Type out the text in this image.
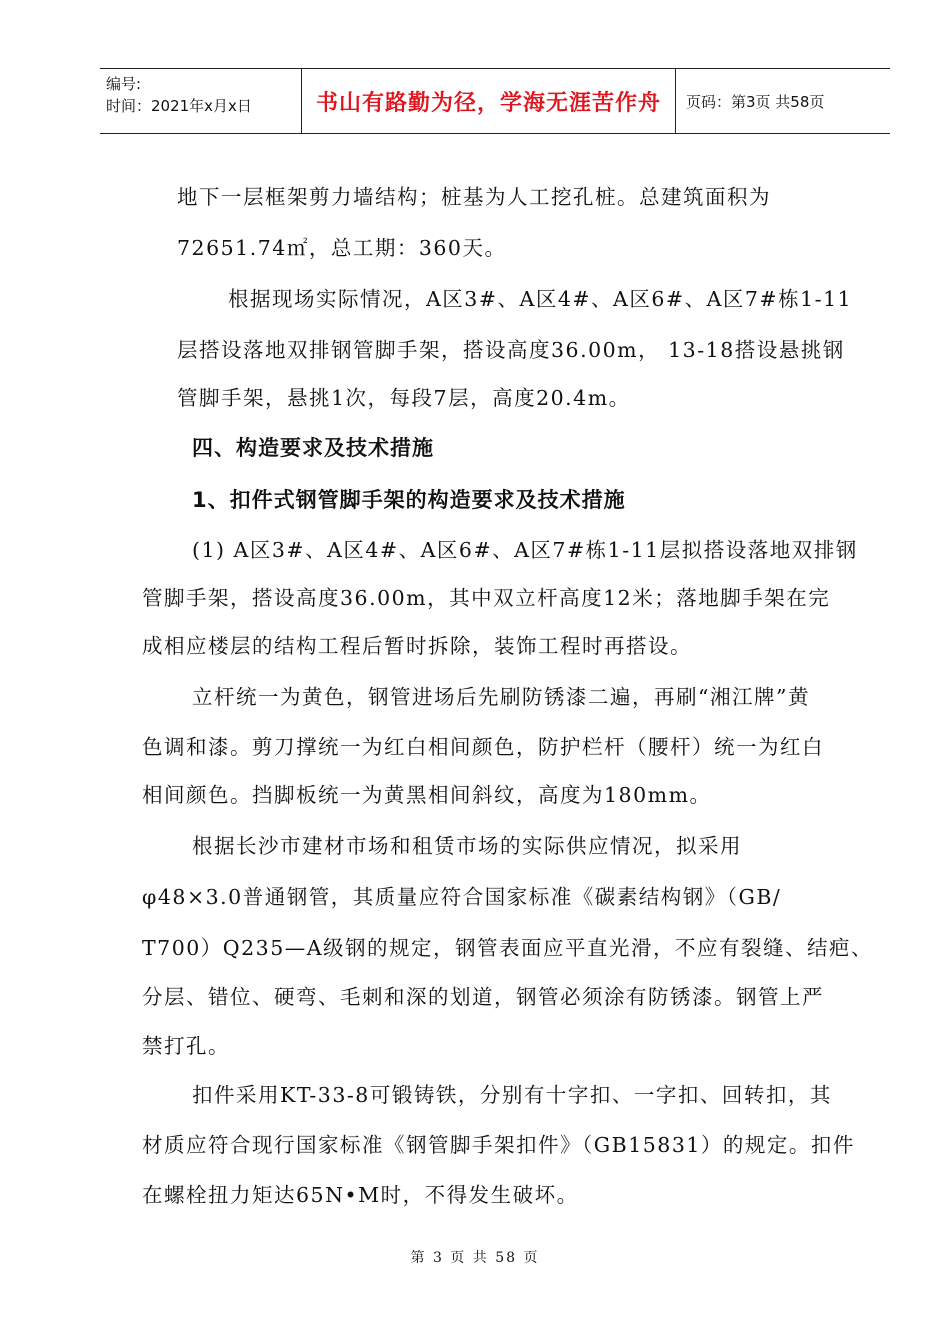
编号:
时间：2021年x月x日	书山有路勤为径，学海无涯苦作舟 页码：第3页 共58页
地下一层框架剪力墙结构；桩基为人工挖孔桩。总建筑面积为
72651.74㎡，总工期：360天。
根据现场实际情况，A区3#、A区4#、A区6#、A区7#栋1-11
层搭设落地双排钢管脚手架，搭设高度36.00m， 13-18搭设悬挑钢
管脚手架，悬挑1次，每段7层，高度20.4m。
四、构造要求及技术措施
1、扣件式钢管脚手架的构造要求及技术措施
(1) A区3#、A区4#、A区6#、A区7#栋1-11层拟搭设落地双排钢
管脚手架，搭设高度36.00m，其中双立杆高度12米；落地脚手架在完
成相应楼层的结构工程后暂时拆除，装饰工程时再搭设。
立杆统一为黄色，钢管进场后先刷防锈漆二遍，再刷“湘江牌”黄
色调和漆。剪刀撑统一为红白相间颜色，防护栏杆（腰杆）统一为红白
相间颜色。挡脚板统一为黄黑相间斜纹，高度为180mm。
根据长沙市建材市场和租赁市场的实际供应情况，拟采用
φ48×3.0普通钢管，其质量应符合国家标准《碳素结构钢》（GB/
T700）Q235—A级钢的规定，钢管表面应平直光滑，不应有裂缝、结疤、
分层、错位、硬弯、毛刺和深的划道，钢管必须涂有防锈漆。钢管上严
禁打孔。
扣件采用KT-33-8可锻铸铁，分别有十字扣、一字扣、回转扣，其
材质应符合现行国家标准《钢管脚手架扣件》（GB15831）的规定。扣件
在螺栓扭力矩达65N•M时，不得发生破坏。
第 3 页 共 58 页
